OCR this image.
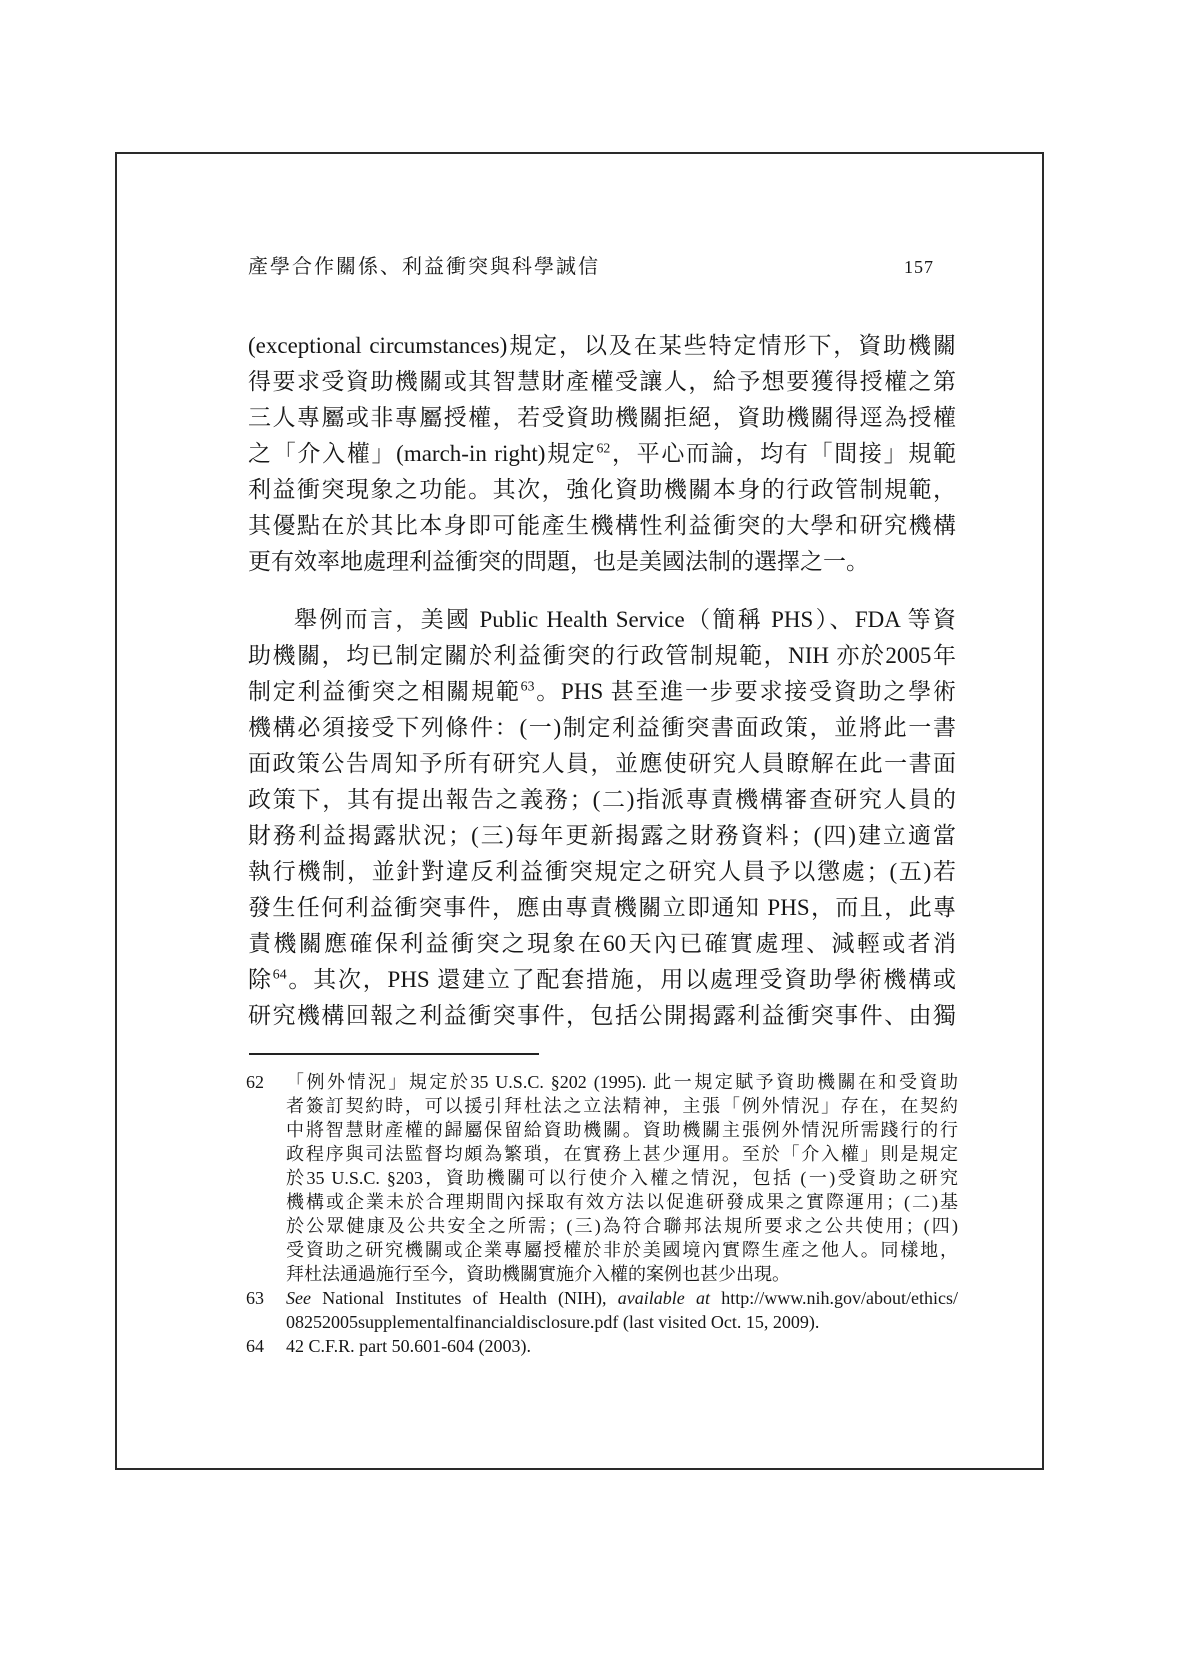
產學合作關係、利益衝突與科學誠信	157
(exceptional circumstances)規定，以及在某些特定情形下，資助機關
得要求受資助機關或其智慧財產權受讓人，給予想要獲得授權之第
三人專屬或非專屬授權，若受資助機關拒絕，資助機關得逕為授權
之「介入權」(march-in right)規定$^{62}$，平心而論，均有「間接」規範
利益衝突現象之功能。其次，強化資助機關本身的行政管制規範，
其優點在於其比本身即可能產生機構性利益衝突的大學和研究機構
更有效率地處理利益衝突的問題，也是美國法制的選擇之一。
舉例而言，美國 Public Health Service（簡稱 PHS）、FDA 等資
助機關，均已制定關於利益衝突的行政管制規範，NIH 亦於2005年
制定利益衝突之相關規範$^{63}$。PHS 甚至進一步要求接受資助之學術
機構必須接受下列條件：(一)制定利益衝突書面政策，並將此一書
面政策公告周知予所有研究人員，並應使研究人員瞭解在此一書面
政策下，其有提出報告之義務；(二)指派專責機構審查研究人員的
財務利益揭露狀況；(三)每年更新揭露之財務資料；(四)建立適當
執行機制，並針對違反利益衝突規定之研究人員予以懲處；(五)若
發生任何利益衝突事件，應由專責機關立即通知 PHS，而且，此專
責機關應確保利益衝突之現象在60天內已確實處理、減輕或者消
除$^{64}$。其次，PHS 還建立了配套措施，用以處理受資助學術機構或
研究機構回報之利益衝突事件，包括公開揭露利益衝突事件、由獨
62	「例外情況」規定於35 U.S.C. §202 (1995). 此一規定賦予資助機關在和受資助
者簽訂契約時，可以援引拜杜法之立法精神，主張「例外情況」存在，在契約
中將智慧財產權的歸屬保留給資助機關。資助機關主張例外情況所需踐行的行
政程序與司法監督均頗為繁瑣，在實務上甚少運用。至於「介入權」則是規定
於35 U.S.C. §203，資助機關可以行使介入權之情況，包括 (一)受資助之研究
機構或企業未於合理期間內採取有效方法以促進研發成果之實際運用；(二)基
於公眾健康及公共安全之所需；(三)為符合聯邦法規所要求之公共使用；(四)
受資助之研究機關或企業專屬授權於非於美國境內實際生產之他人。同樣地，
拜杜法通過施行至今，資助機關實施介入權的案例也甚少出現。
63	See National Institutes of Health (NIH), available at http://www.nih.gov/about/ethics/
08252005supplementalfinancialdisclosure.pdf (last visited Oct. 15, 2009).
64	42 C.F.R. part 50.601-604 (2003).
